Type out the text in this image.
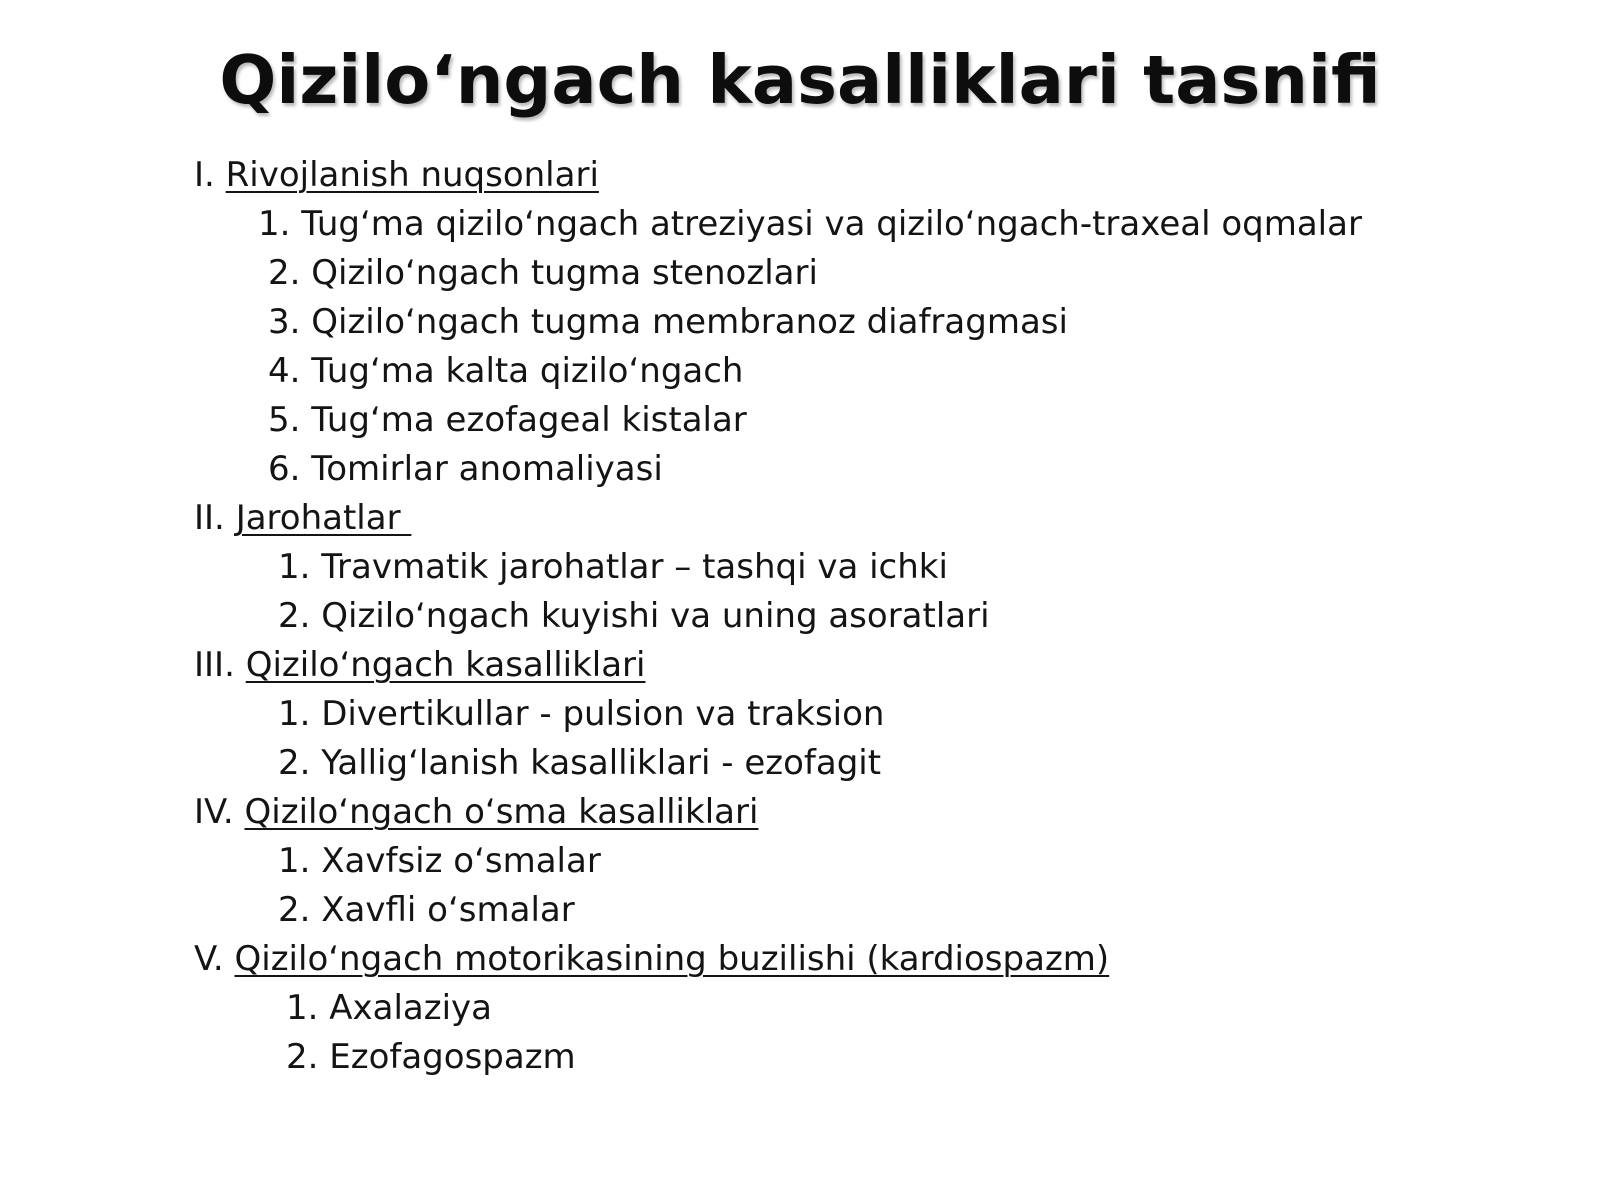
Qizilo‘ngach kasalliklari tasnifi
I. Rivojlanish nuqsonlari
1. Tug‘ma qizilo‘ngach atreziyasi va qizilo‘ngach-traxeal oqmalar
2. Qizilo‘ngach tugma stenozlari
3. Qizilo‘ngach tugma membranoz diafragmasi
4. Tug‘ma kalta qizilo‘ngach
5. Tug‘ma ezofageal kistalar
6. Tomirlar anomaliyasi
II. Jarohatlar
1. Travmatik jarohatlar – tashqi va ichki
2. Qizilo‘ngach kuyishi va uning asoratlari
III. Qizilo‘ngach kasalliklari
1. Divertikullar - pulsion va traksion
2. Yallig‘lanish kasalliklari - ezofagit
IV. Qizilo‘ngach o‘sma kasalliklari
1. Xavfsiz o‘smalar
2. Xavfli o‘smalar
V. Qizilo‘ngach motorikasining buzilishi (kardiospazm)
1. Axalaziya
2. Ezofagospazm
